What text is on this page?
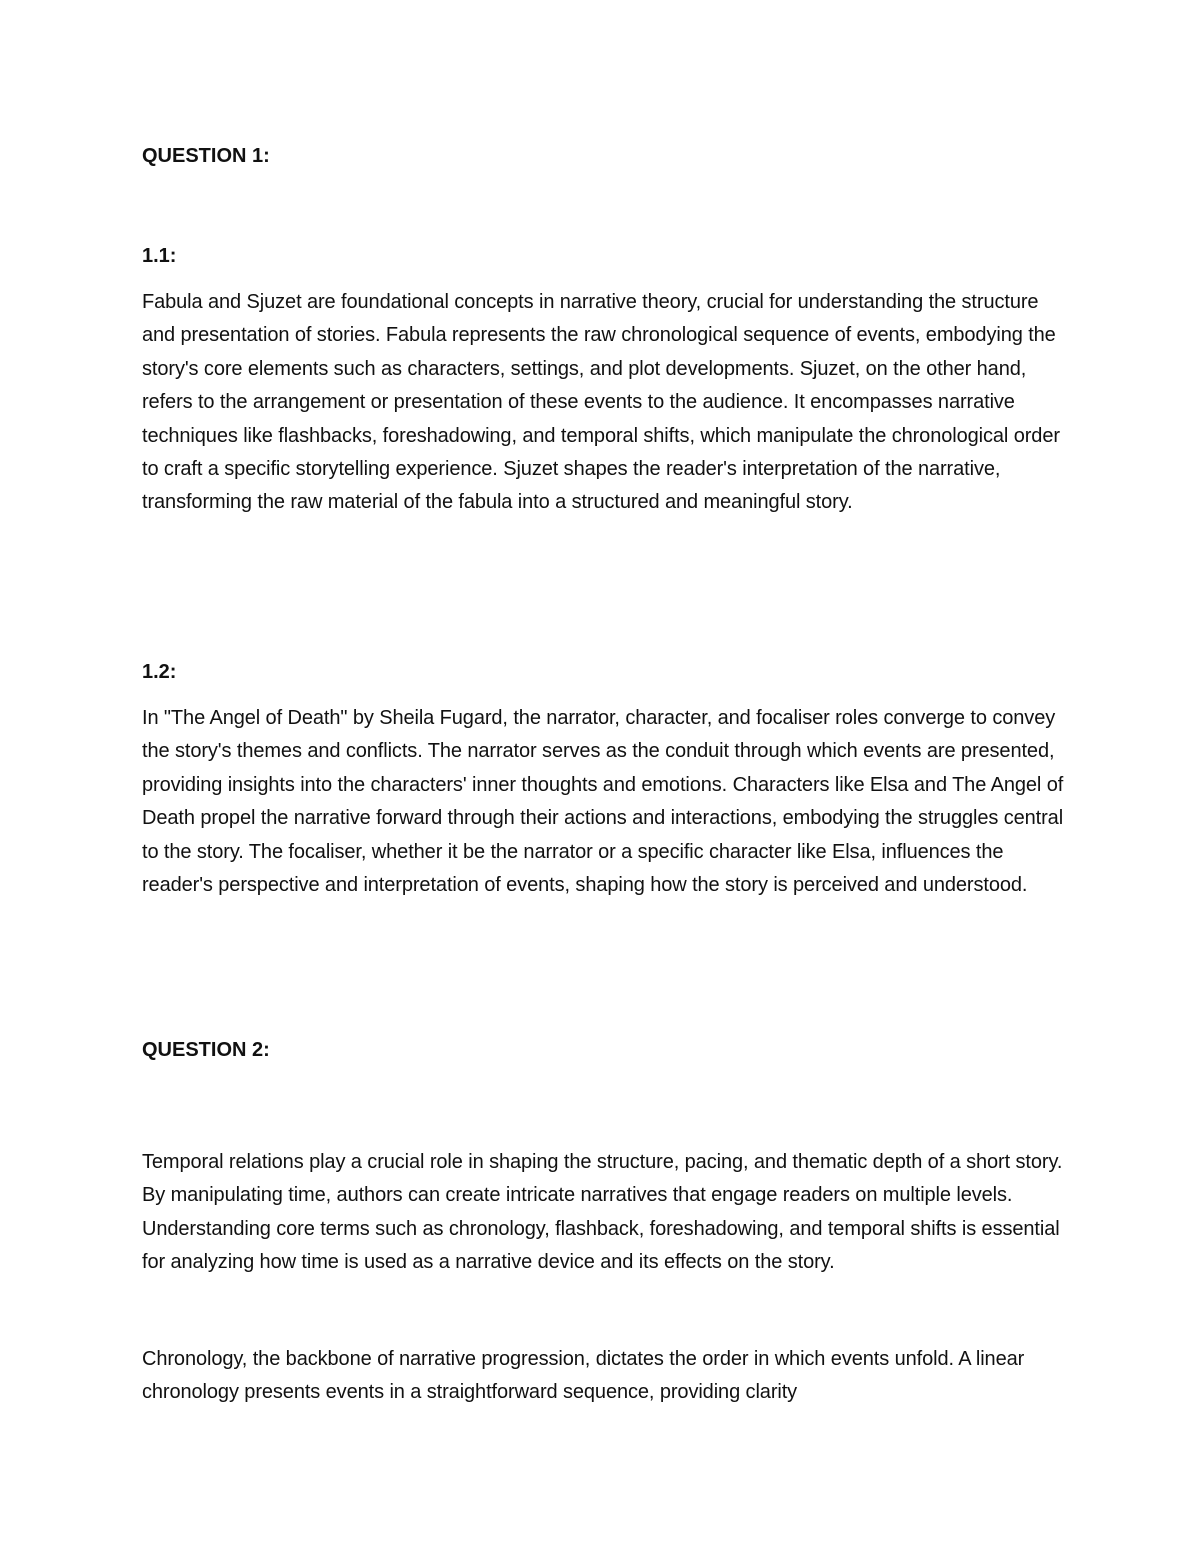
QUESTION 1:

1.1:

Fabula and Sjuzet are foundational concepts in narrative theory, crucial for understanding the structure and presentation of stories. Fabula represents the raw chronological sequence of events, embodying the story's core elements such as characters, settings, and plot developments. Sjuzet, on the other hand, refers to the arrangement or presentation of these events to the audience. It encompasses narrative techniques like flashbacks, foreshadowing, and temporal shifts, which manipulate the chronological order to craft a specific storytelling experience. Sjuzet shapes the reader's interpretation of the narrative, transforming the raw material of the fabula into a structured and meaningful story.

1.2:

In "The Angel of Death" by Sheila Fugard, the narrator, character, and focaliser roles converge to convey the story's themes and conflicts. The narrator serves as the conduit through which events are presented, providing insights into the characters' inner thoughts and emotions. Characters like Elsa and The Angel of Death propel the narrative forward through their actions and interactions, embodying the struggles central to the story. The focaliser, whether it be the narrator or a specific character like Elsa, influences the reader's perspective and interpretation of events, shaping how the story is perceived and understood.

QUESTION 2:

Temporal relations play a crucial role in shaping the structure, pacing, and thematic depth of a short story. By manipulating time, authors can create intricate narratives that engage readers on multiple levels. Understanding core terms such as chronology, flashback, foreshadowing, and temporal shifts is essential for analyzing how time is used as a narrative device and its effects on the story.

Chronology, the backbone of narrative progression, dictates the order in which events unfold. A linear chronology presents events in a straightforward sequence, providing clarity
